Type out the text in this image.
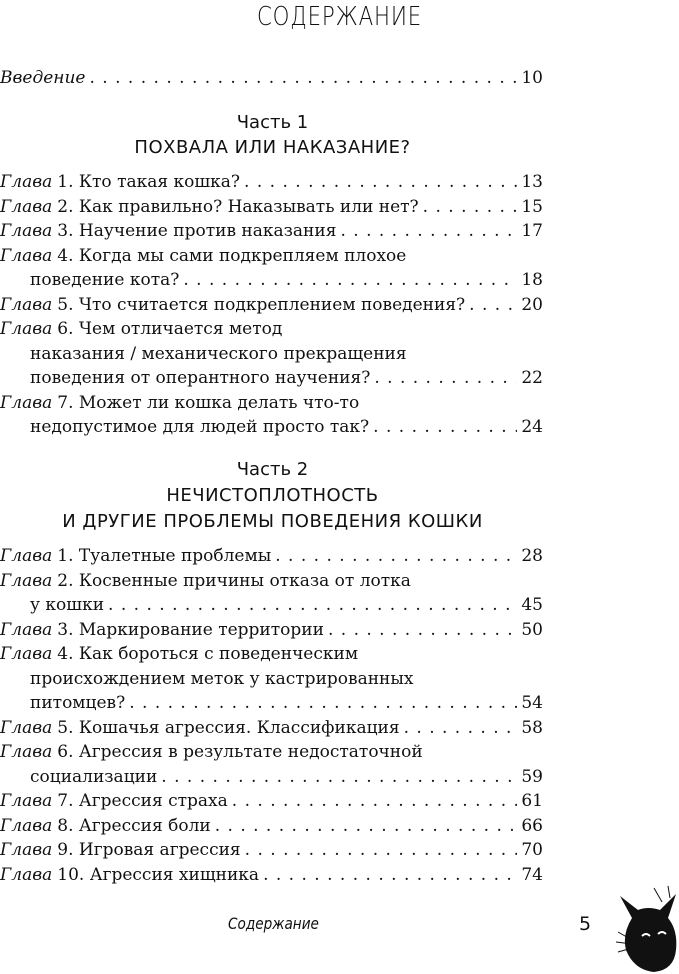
СОДЕРЖАНИЕ
Введение . . .	10
Часть 1
ПОХВАЛА ИЛИ НАКАЗАНИЕ?
Глава 1. Кто такая кошка? . . .	13
Глава 2. Как правильно? Наказывать или нет? . . .	15
Глава 3. Научение против наказания . . .	17
Глава 4. Когда мы сами подкрепляем плохое
поведение кота? . . .	18
Глава 5. Что считается подкреплением поведения? . . .	20
Глава 6. Чем отличается метод
наказания / механического прекращения
поведения от оперантного научения? . . .	22
Глава 7. Может ли кошка делать что-то
недопустимое для людей просто так? . . .	24
Часть 2
НЕЧИСТОПЛОТНОСТЬ
И ДРУГИЕ ПРОБЛЕМЫ ПОВЕДЕНИЯ КОШКИ
Глава 1. Туалетные проблемы . . .	28
Глава 2. Косвенные причины отказа от лотка
у кошки . . .	45
Глава 3. Маркирование территории . . .	50
Глава 4. Как бороться с поведенческим
происхождением меток у кастрированных
питомцев? . . .	54
Глава 5. Кошачья агрессия. Классификация . . .	58
Глава 6. Агрессия в результате недостаточной
социализации . . .	59
Глава 7. Агрессия страха . . .	61
Глава 8. Агрессия боли . . .	66
Глава 9. Игровая агрессия . . .	70
Глава 10. Агрессия хищника . . .	74
Содержание	5
